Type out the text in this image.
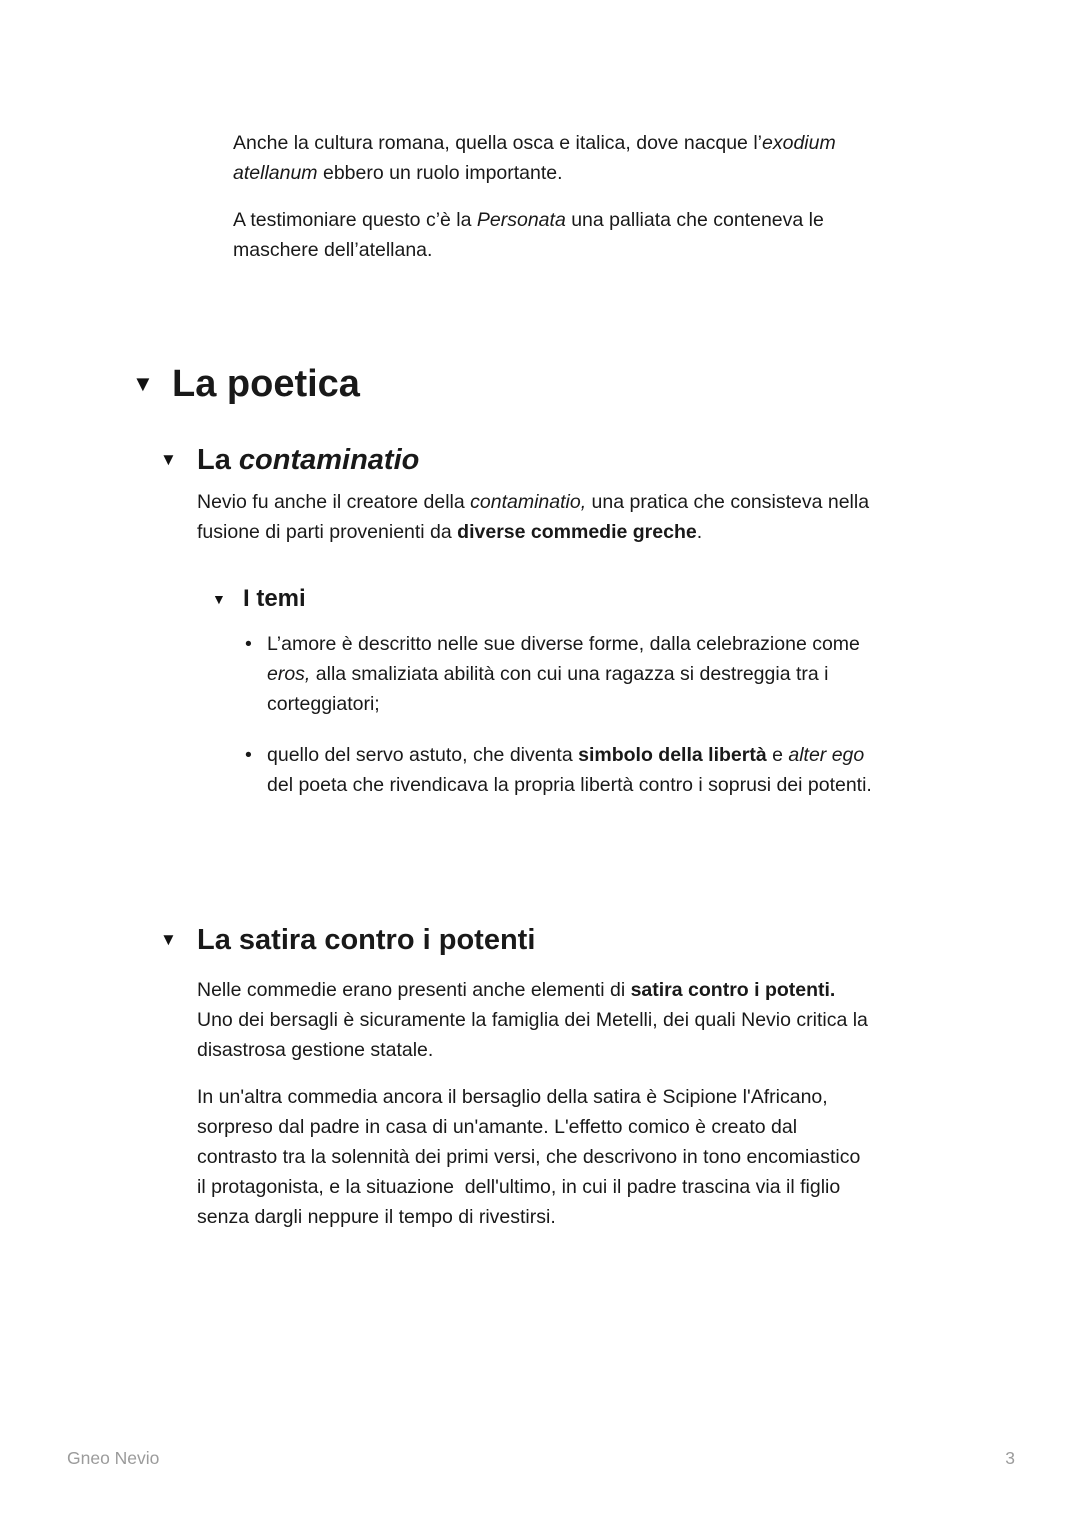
Anche la cultura romana, quella osca e italica, dove nacque l’exodium
atellanum ebbero un ruolo importante.

A testimoniare questo c’è la Personata una palliata che conteneva le
maschere dell’atellana.

▼ La poetica
▼ La contaminatio

Nevio fu anche il creatore della contaminatio, una pratica che consisteva nella
fusione di parti provenienti da diverse commedie greche.

▼ I temi
• L’amore è descritto nelle sue diverse forme, dalla celebrazione come
eros, alla smaliziata abilità con cui una ragazza si destreggia tra i
corteggiatori;
• quello del servo astuto, che diventa simbolo della libertà e alter ego
del poeta che rivendicava la propria libertà contro i soprusi dei potenti.
▼ La satira contro i potenti

Nelle commedie erano presenti anche elementi di satira contro i potenti.
Uno dei bersagli è sicuramente la famiglia dei Metelli, dei quali Nevio critica la
disastrosa gestione statale.

In un'altra commedia ancora il bersaglio della satira è Scipione l'Africano,
sorpreso dal padre in casa di un'amante. L'effetto comico è creato dal
contrasto tra la solennità dei primi versi, che descrivono in tono encomiastico
il protagonista, e la situazione  dell'ultimo, in cui il padre trascina via il figlio
senza dargli neppure il tempo di rivestirsi.

Gneo Nevio	3
